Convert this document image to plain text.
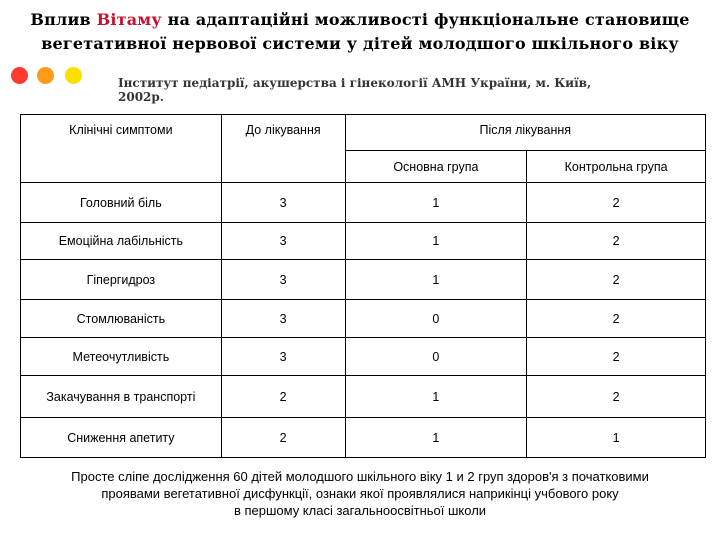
Вплив Вітаму на адаптаційні можливості функціональне становище
вегетативної нервової системи у дітей молодшого шкільного віку
Інститут педіатрії, акушерства і гінекології АМН України, м. Київ, 2002р.
Клінічні симптоми	До лікування	Після лікування	
		Основна група	Контрольна група
Головний біль	3	1	2
Емоційна лабільність	3	1	2
Гіпергидроз	3	1	2
Стомлюваність	3	0	2
Метеочутливість	3	0	2
Закачування в транспорті	2	1	2
Сниження апетиту	2	1	1
Просте сліпе дослідження 60 дітей молодшого шкільного віку 1 и 2 груп здоров'я з початковими
проявами вегетативної дисфункції, ознаки якої проявлялися наприкінці учбового року
в першому класі загальноосвітньої школи
